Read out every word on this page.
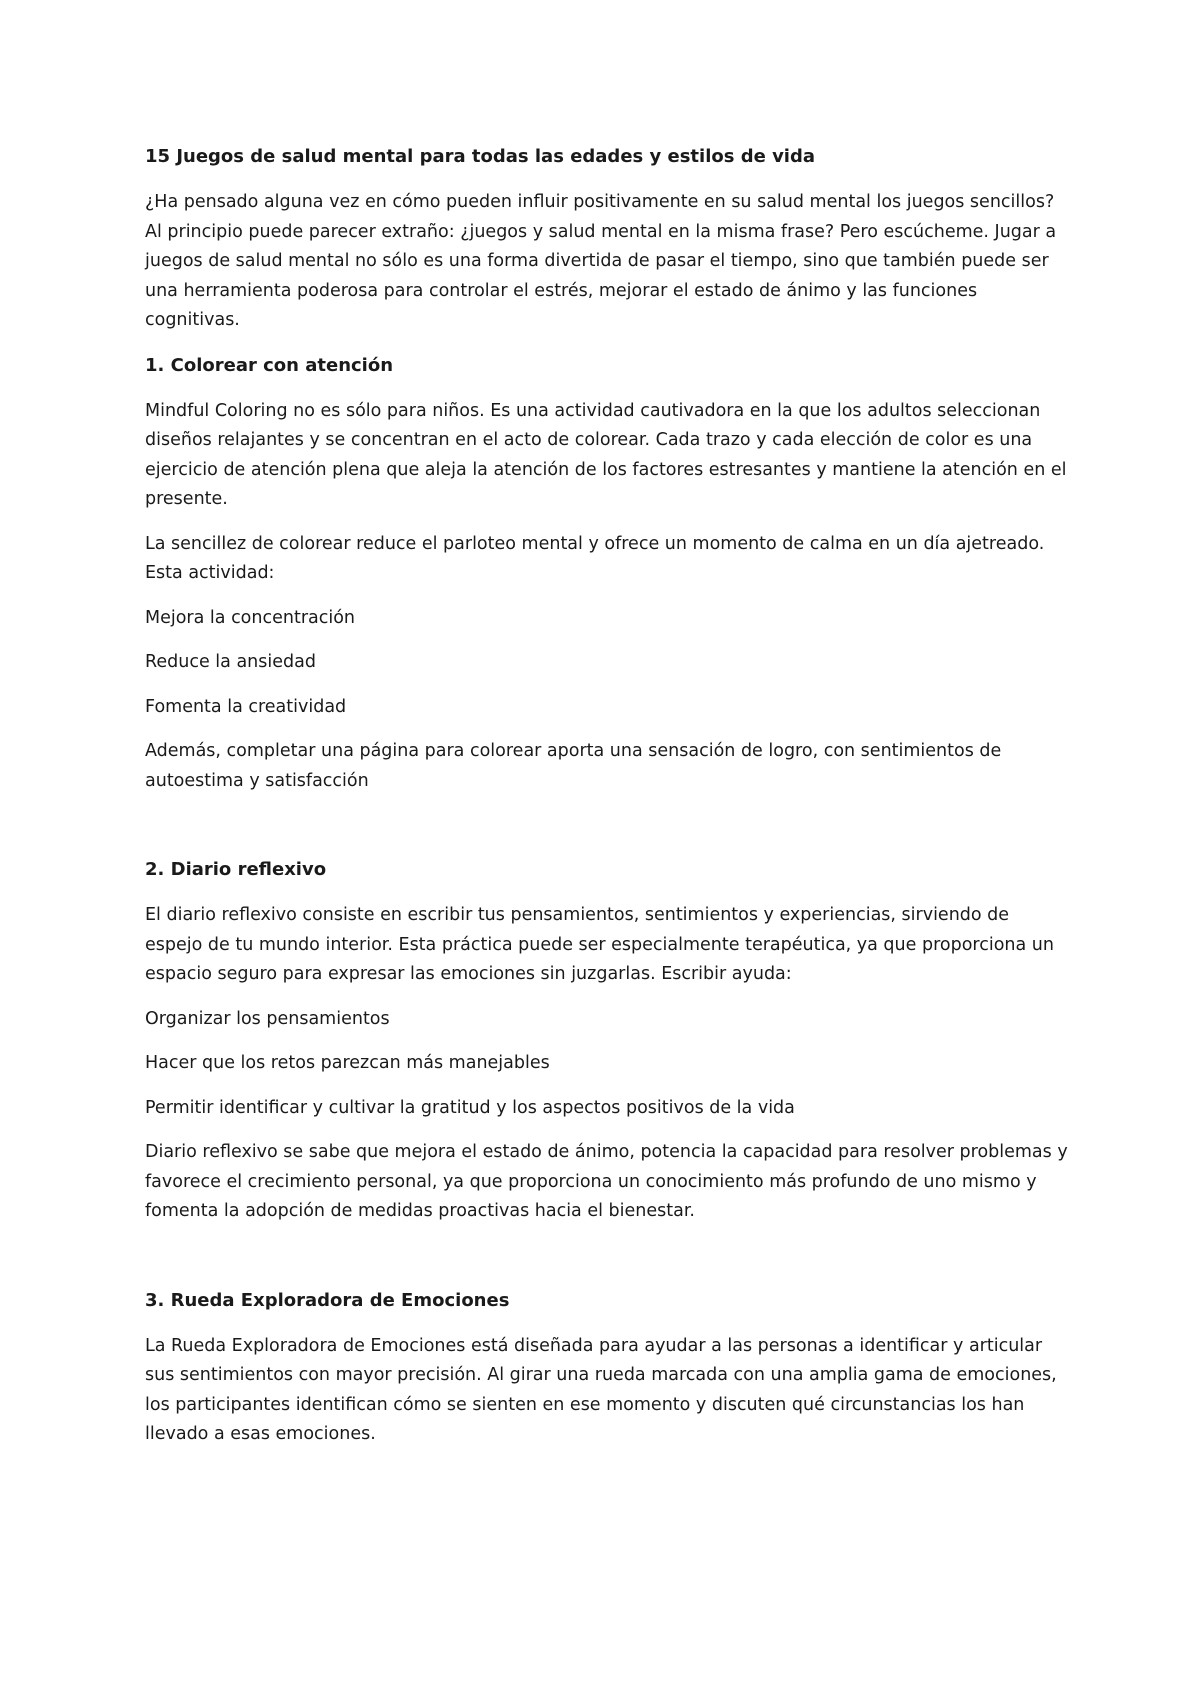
15 Juegos de salud mental para todas las edades y estilos de vida

¿Ha pensado alguna vez en cómo pueden influir positivamente en su salud mental los juegos sencillos? Al principio puede parecer extraño: ¿juegos y salud mental en la misma frase? Pero escúcheme. Jugar a juegos de salud mental no sólo es una forma divertida de pasar el tiempo, sino que también puede ser una herramienta poderosa para controlar el estrés, mejorar el estado de ánimo y las funciones cognitivas.

1. Colorear con atención

Mindful Coloring no es sólo para niños. Es una actividad cautivadora en la que los adultos seleccionan diseños relajantes y se concentran en el acto de colorear. Cada trazo y cada elección de color es una ejercicio de atención plena que aleja la atención de los factores estresantes y mantiene la atención en el presente.

La sencillez de colorear reduce el parloteo mental y ofrece un momento de calma en un día ajetreado. Esta actividad:

Mejora la concentración

Reduce la ansiedad

Fomenta la creatividad

Además, completar una página para colorear aporta una sensación de logro, con sentimientos de autoestima y satisfacción

2. Diario reflexivo

El diario reflexivo consiste en escribir tus pensamientos, sentimientos y experiencias, sirviendo de espejo de tu mundo interior. Esta práctica puede ser especialmente terapéutica, ya que proporciona un espacio seguro para expresar las emociones sin juzgarlas. Escribir ayuda:

Organizar los pensamientos

Hacer que los retos parezcan más manejables

Permitir identificar y cultivar la gratitud y los aspectos positivos de la vida

Diario reflexivo se sabe que mejora el estado de ánimo, potencia la capacidad para resolver problemas y favorece el crecimiento personal, ya que proporciona un conocimiento más profundo de uno mismo y fomenta la adopción de medidas proactivas hacia el bienestar.

3. Rueda Exploradora de Emociones

La Rueda Exploradora de Emociones está diseñada para ayudar a las personas a identificar y articular sus sentimientos con mayor precisión. Al girar una rueda marcada con una amplia gama de emociones, los participantes identifican cómo se sienten en ese momento y discuten qué circunstancias los han llevado a esas emociones.
